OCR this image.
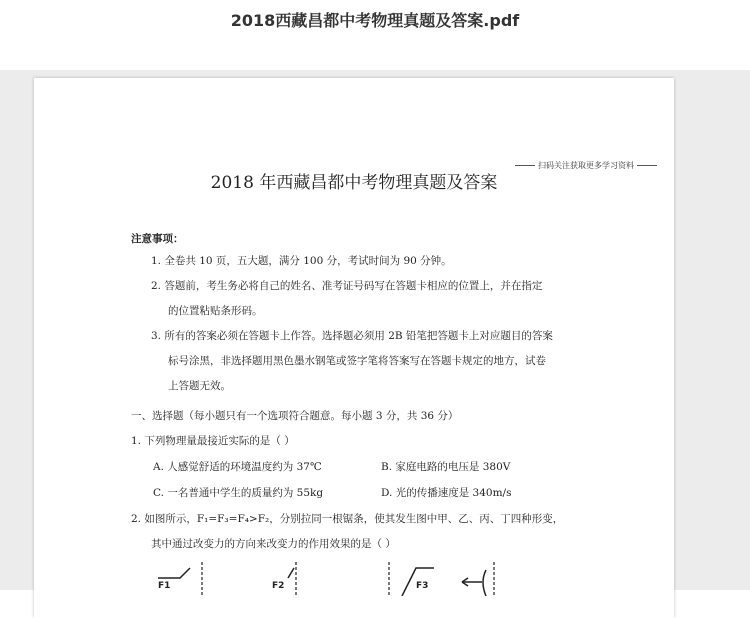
2018西藏昌都中考物理真题及答案.pdf
扫码关注获取更多学习资料
2018 年西藏昌都中考物理真题及答案
注意事项：
1. 全卷共 10 页，五大题，满分 100 分，考试时间为 90 分钟。
2. 答题前，考生务必将自己的姓名、准考证号码写在答题卡相应的位置上，并在指定
的位置粘贴条形码。
3. 所有的答案必须在答题卡上作答。选择题必须用 2B 铅笔把答题卡上对应题目的答案
标号涂黑，非选择题用黑色墨水钢笔或签字笔将答案写在答题卡规定的地方，试卷
上答题无效。
一、选择题（每小题只有一个选项符合题意。每小题 3 分，共 36 分）
1. 下列物理量最接近实际的是（ ）
A. 人感觉舒适的环境温度约为 37℃	B. 家庭电路的电压是 380V
C. 一名普通中学生的质量约为 55kg	D. 光的传播速度是 340m/s
2. 如图所示，F₁=F₃=F₄>F₂，分别拉同一根锯条，使其发生图中甲、乙、丙、丁四种形变，
其中通过改变力的方向来改变力的作用效果的是（ ）
F1	F2	F3
